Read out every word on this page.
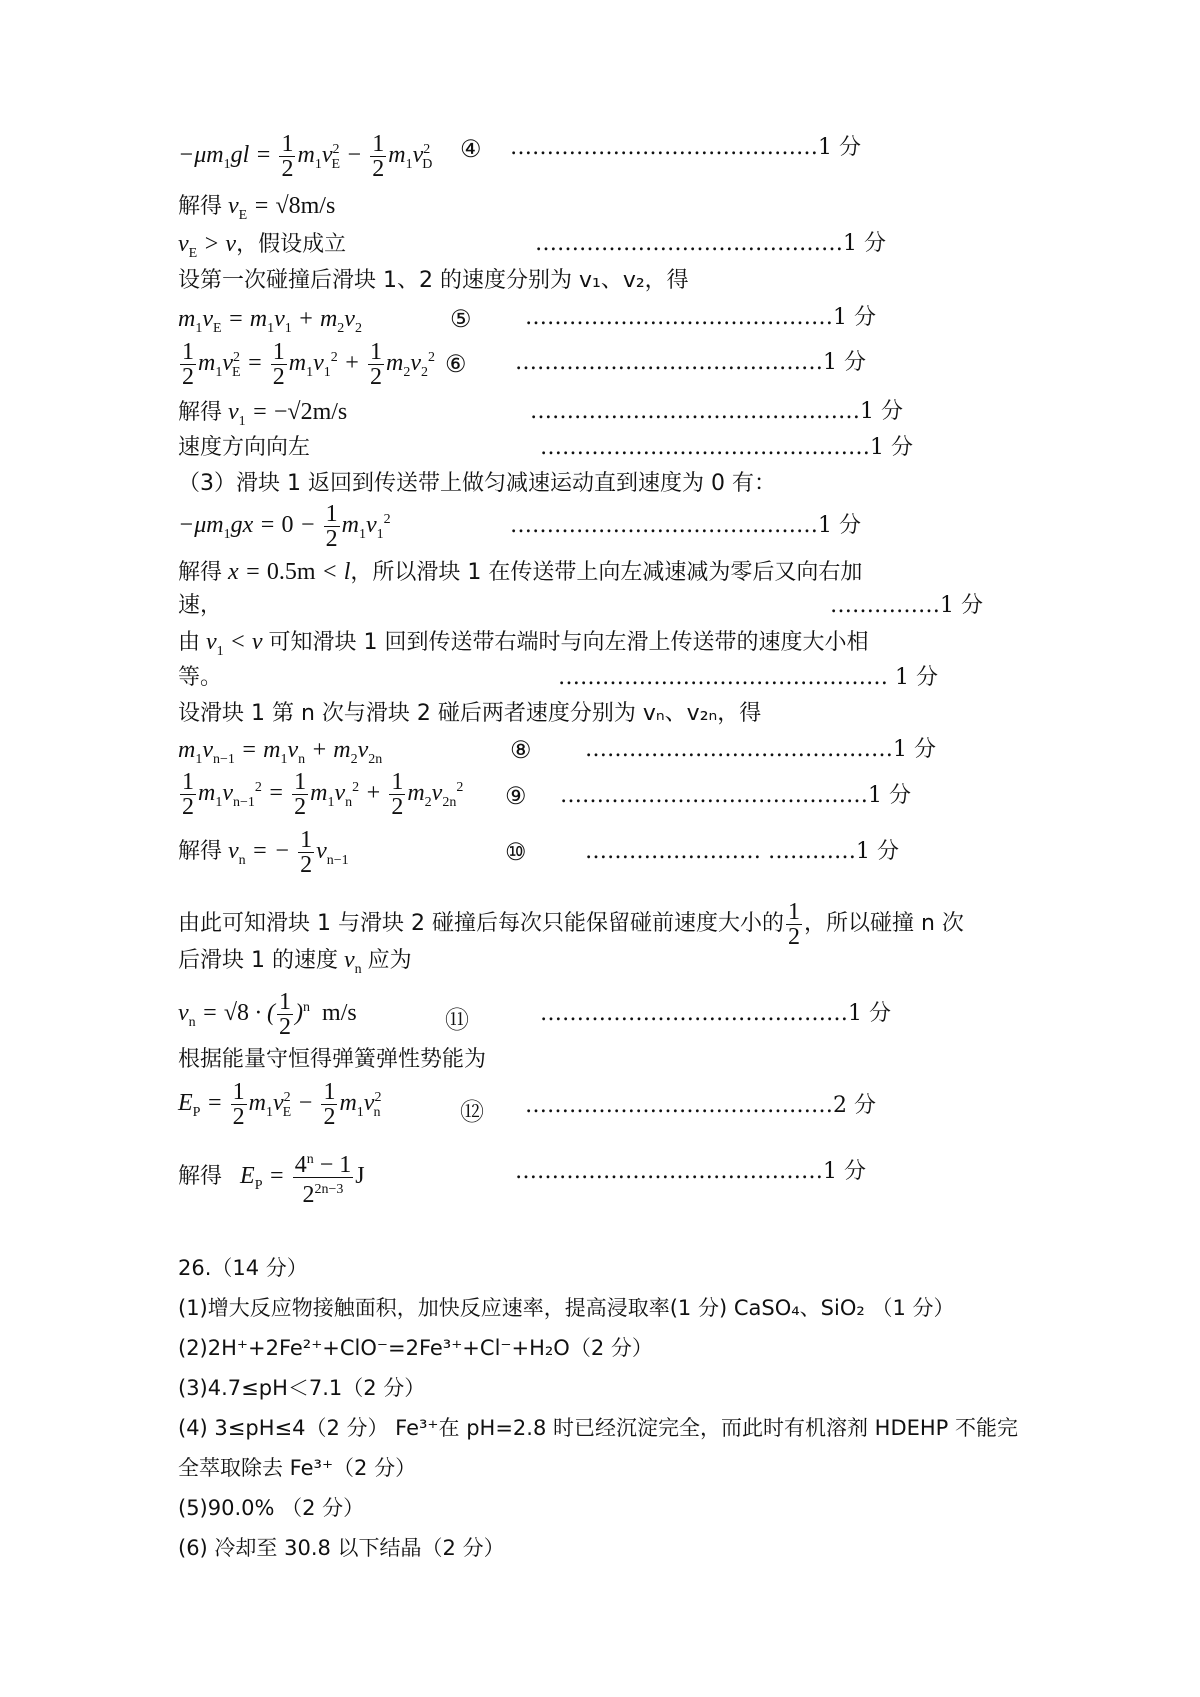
$-\mu m_1gl = \frac{1}{2} m_1v^2_E - \frac{1}{2} m_1v^2_D$
④ ……………………………………1 分
解得 $v_E = √8m/s$
$v_E > v$，假设成立	……………………………………1 分
设第一次碰撞后滑块 1、2 的速度分别为 v₁、v₂，得
$m_1v_E = m_1v_1 + m_2v_2$	⑤ ……………………………………1 分
$\frac{1}{2} m_1v^2_E = \frac{1}{2} m_1v_1^2 + \frac{1}{2} m_2v_2^2$ ⑥ ……………………………………1 分
解得 $v_1 = -√2m/s$	………………………………………1 分
速度方向向左	………………………………………1 分
（3）滑块 1 返回到传送带上做匀减速运动直到速度为 0 有：
$-\mu m_1gx = 0 - \frac{1}{2} m_1v_1^2$	……………………………………1 分
解得 x = 0.5m < l，所以滑块 1 在传送带上向左减速减为零后又向右加
速，	……………1 分
由 $v_1 < v$ 可知滑块 1 回到传送带右端时与向左滑上传送带的速度大小相
等。	……………………………………… 1 分
设滑块 1 第 n 次与滑块 2 碰后两者速度分别为 vₙ、v₂ₙ，得
$m_1v_{n-1} = m_1v_n + m_2v_{2n}$	⑧ ……………………………………1 分
$\frac{1}{2} m_1v_{n-1}^2 = \frac{1}{2} m_1v_n^2 + \frac{1}{2} m_2v_{2n}^2$ ⑨ ……………………………………1 分
解得 $v_n$ = − $\frac{1}{2} v_{n-1}$	⑩	…………………… …………1 分
由此可知滑块 1 与滑块 2 碰撞后每次只能保留碰前速度大小的 $\frac{1}{2}$ ，所以碰撞 n 次
后滑块 1 的速度 $v_n$ 应为
$v_n = √8$ · ( $\frac{1}{2} )^n$  m/s	⑪	……………………………………1 分
根据能量守恒得弹簧弹性势能为
$E_P = \frac{1}{2} m_1v^2_E - \frac{1}{2} m_1v^2_n$	⑫ ……………………………………2 分
解得   $E_P = \frac{4^n - 1}{2^{2n-3}}$ J	……………………………………1 分
26.（14 分）
(1)增大反应物接触面积，加快反应速率，提高浸取率(1 分) CaSO₄、SiO₂ （1 分）
(2)2H⁺+2Fe²⁺+ClO⁻=2Fe³⁺+Cl⁻+H₂O（2 分）
(3)4.7≤pH＜7.1（2 分）
(4) 3≤pH≤4（2 分） Fe³⁺在 pH=2.8 时已经沉淀完全，而此时有机溶剂 HDEHP 不能完
全萃取除去 Fe³⁺（2 分）
(5)90.0% （2 分）
(6) 冷却至 30.8 以下结晶（2 分）
